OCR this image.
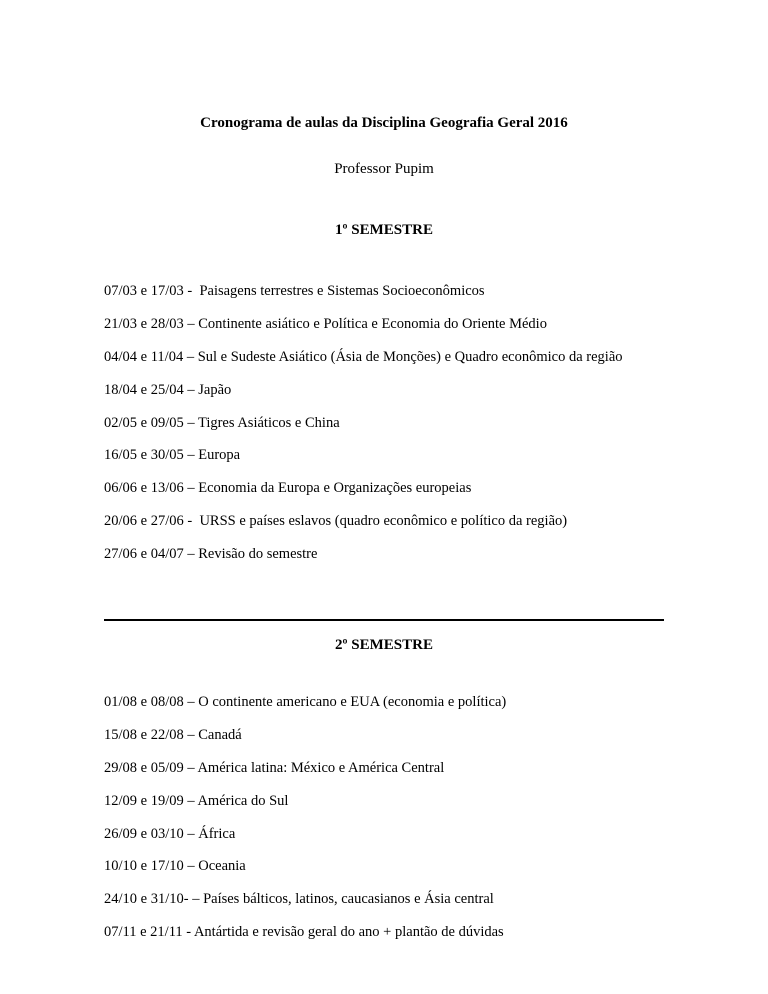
Cronograma de aulas da Disciplina Geografia Geral 2016

Professor Pupim

1º SEMESTRE
07/03 e 17/03 -  Paisagens terrestres e Sistemas Socioeconômicos
21/03 e 28/03 – Continente asiático e Política e Economia do Oriente Médio
04/04 e 11/04 – Sul e Sudeste Asiático (Ásia de Monções) e Quadro econômico da região
18/04 e 25/04 – Japão
02/05 e 09/05 – Tigres Asiáticos e China
16/05 e 30/05 – Europa
06/06 e 13/06 – Economia da Europa e Organizações europeias
20/06 e 27/06 -  URSS e países eslavos (quadro econômico e político da região)
27/06 e 04/07 – Revisão do semestre
2º SEMESTRE
01/08 e 08/08 – O continente americano e EUA (economia e política)
15/08 e 22/08 – Canadá
29/08 e 05/09 – América latina: México e América Central
12/09 e 19/09 – América do Sul
26/09 e 03/10 – África
10/10 e 17/10 – Oceania
24/10 e 31/10- – Países bálticos, latinos, caucasianos e Ásia central
07/11 e 21/11 - Antártida e revisão geral do ano + plantão de dúvidas
